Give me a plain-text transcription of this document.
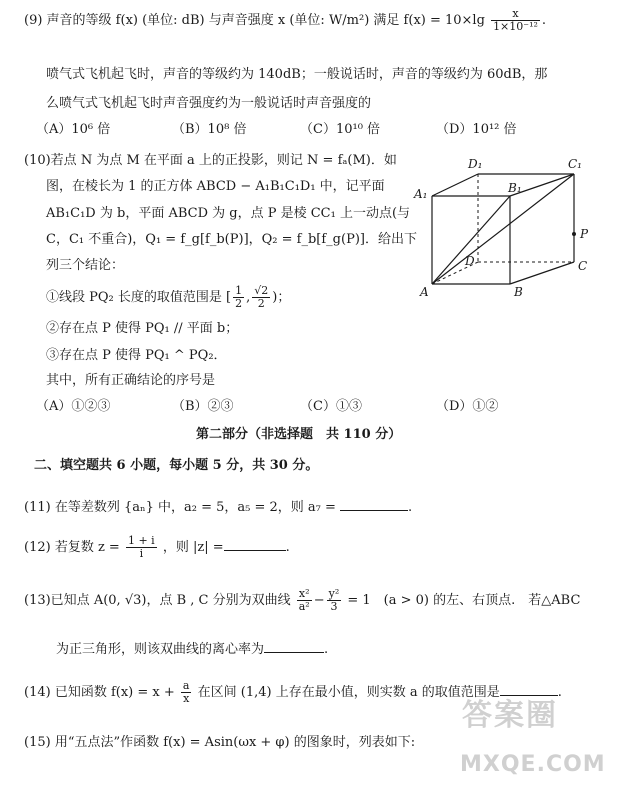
(9) 声音的等级 f(x) (单位: dB) 与声音强度 x (单位: W/m²) 满足 $f(x) = 10\times\lg \frac{x}{\text{1×10⁻¹²}}$ .
喷气式飞机起飞时，声音的等级约为 140dB；一般说话时，声音的等级约为 60dB，那
么喷气式飞机起飞时声音强度约为一般说话时声音强度的
（A）10⁶ 倍	（B）10⁸ 倍	（C）10¹⁰ 倍	（D）10¹² 倍
(10)若点 N 为点 M 在平面 a 上的正投影，则记 N = fₐ(M)．如
图，在棱长为 1 的正方体 ABCD − A₁B₁C₁D₁ 中，记平面
AB₁C₁D 为 b，平面 ABCD 为 g，点 P 是棱 CC₁ 上一动点(与
C，C₁ 不重合)，Q₁ = f_g[f_b(P)]，Q₂ = f_b[f_g(P)]．给出下
列三个结论：
①线段 PQ₂ 长度的取值范围是 [ $\frac{1}{2}$ , $\frac{√2}{2}$ )；
②存在点 P 使得 PQ₁ // 平面 b；
③存在点 P 使得 PQ₁ ^ PQ₂．
其中，所有正确结论的序号是
（A）①②③	（B）②③	（C）①③	（D）①②
D₁	C₁
A₁	B₁
P
D	C
A	B
第二部分（非选择题　共 110 分）
二、填空题共 6 小题，每小题 5 分，共 30 分。
(11) 在等差数列 {aₙ} 中，a₂ = 5，a₅ = 2，则 a₇ =	.
(12) 若复数 $z = \frac{1 + i}{i}$ ，则 |z| =	.
(13)已知点 A(0, √3)，点 B , C 分别为双曲线 $\frac{\text{x²}}{\text{a²}} - \frac{\text{y²}}{3} = 1$　(a > 0) 的左、右顶点.　若△ABC
为正三角形，则该双曲线的离心率为	.
(14) 已知函数 $f(x) = x + \frac{a}{x}$ 在区间 (1,4) 上存在最小值，则实数 a 的取值范围是	.
(15) 用“五点法”作函数 f(x) = Asin(ωx + φ) 的图象时，列表如下:
答案圈
MXQE.COM
